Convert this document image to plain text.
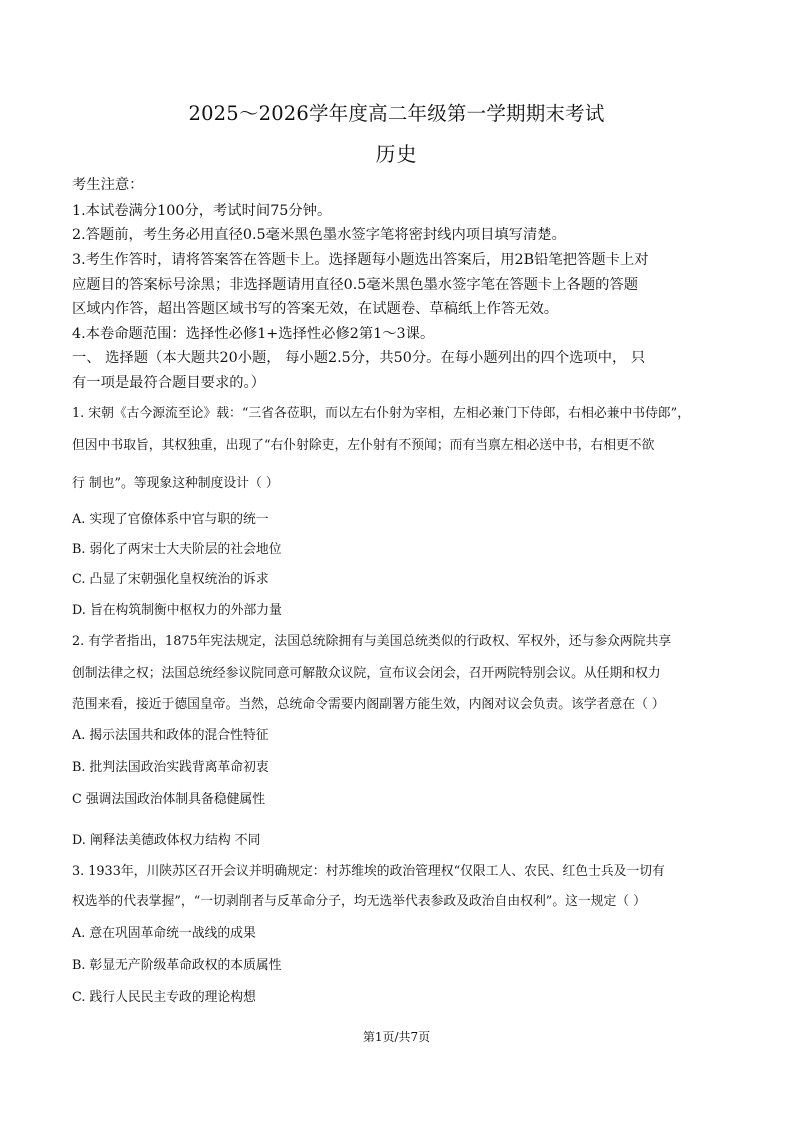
2025～2026学年度高二年级第一学期期末考试
历史
考生注意：
1.本试卷满分100分，考试时间75分钟。
2.答题前，考生务必用直径0.5毫米黑色墨水签字笔将密封线内项目填写清楚。
3.考生作答时，请将答案答在答题卡上。选择题每小题选出答案后，用2B铅笔把答题卡上对
应题目的答案标号涂黑；非选择题请用直径0.5毫米黑色墨水签字笔在答题卡上各题的答题
区域内作答，超出答题区域书写的答案无效，在试题卷、草稿纸上作答无效。
4.本卷命题范围：选择性必修1+选择性必修2第1～3课。
一、 选择题（本大题共20小题， 每小题2.5分，共50分。在每小题列出的四个选项中， 只
有一项是最符合题目要求的。）
1. 宋朝《古今源流至论》载：“三省各莅职，而以左右仆射为宰相，左相必兼门下侍郎，右相必兼中书侍郎”，
但因中书取旨，其权独重，出现了“右仆射除吏，左仆射有不预闻；而有当禀左相必送中书，右相更不欲
行 制也”。等现象这种制度设计（ ）
A. 实现了官僚体系中官与职的统一
B. 弱化了两宋士大夫阶层的社会地位
C. 凸显了宋朝强化皇权统治的诉求
D. 旨在构筑制衡中枢权力的外部力量
2. 有学者指出，1875年宪法规定，法国总统除拥有与美国总统类似的行政权、军权外，还与参众两院共享
创制法律之权；法国总统经参议院同意可解散众议院，宣布议会闭会，召开两院特别会议。从任期和权力
范围来看，接近于德国皇帝。当然，总统命令需要内阁副署方能生效，内阁对议会负责。该学者意在（ ）
A. 揭示法国共和政体的混合性特征
B. 批判法国政治实践背离革命初衷
C 强调法国政治体制具备稳健属性
D. 阐释法美德政体权力结构 不同
3. 1933年，川陕苏区召开会议并明确规定：村苏维埃的政治管理权“仅限工人、农民、红色士兵及一切有
权选举的代表掌握”，“一切剥削者与反革命分子，均无选举代表参政及政治自由权利”。这一规定（ ）
A. 意在巩固革命统一战线的成果
B. 彰显无产阶级革命政权的本质属性
C. 践行人民民主专政的理论构想
第1页/共7页
